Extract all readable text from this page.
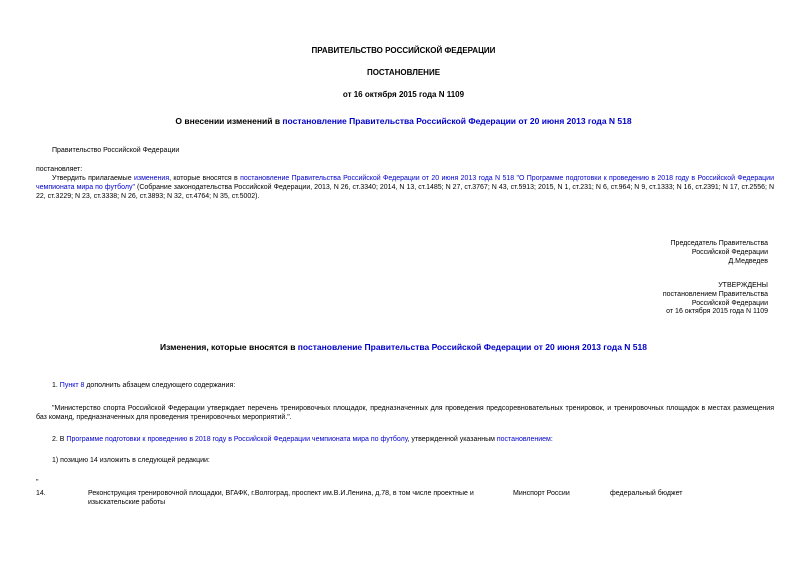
ПРАВИТЕЛЬСТВО РОССИЙСКОЙ ФЕДЕРАЦИИ
ПОСТАНОВЛЕНИЕ
от 16 октября 2015 года N 1109
О внесении изменений в постановление Правительства Российской Федерации от 20 июня 2013 года N 518
Правительство Российской Федерации
постановляет:
Утвердить прилагаемые изменения, которые вносятся в постановление Правительства Российской Федерации от 20 июня 2013 года N 518 "О Программе подготовки к проведению в 2018 году в Российской Федерации чемпионата мира по футболу" (Собрание законодательства Российской Федерации, 2013, N 26, ст.3340; 2014, N 13, ст.1485; N 27, ст.3767; N 43, ст.5913; 2015, N 1, ст.231; N 6, ст.964; N 9, ст.1333; N 16, ст.2391; N 17, ст.2556; N 22, ст.3229; N 23, ст.3338; N 26, ст.3893; N 32, ст.4764; N 35, ст.5002).
Председатель Правительства
Российской Федерации
Д.Медведев
УТВЕРЖДЕНЫ
постановлением Правительства
Российской Федерации
от 16 октября 2015 года N 1109
Изменения, которые вносятся в постановление Правительства Российской Федерации от 20 июня 2013 года N 518
1. Пункт 8 дополнить абзацем следующего содержания:
"Министерство спорта Российской Федерации утверждает перечень тренировочных площадок, предназначенных для проведения предсоревновательных тренировок, и тренировочных площадок в местах размещения баз команд, предназначенных для проведения тренировочных мероприятий.".
2. В Программе подготовки к проведению в 2018 году в Российской Федерации чемпионата мира по футболу, утвержденной указанным постановлением:
1) позицию 14 изложить в следующей редакции:
"
14.	Реконструкция тренировочной площадки, ВГАФК, г.Волгоград, проспект им.В.И.Ленина, д.78, в том числе проектные и изыскательские работы
Минспорт России	федеральный бюджет
